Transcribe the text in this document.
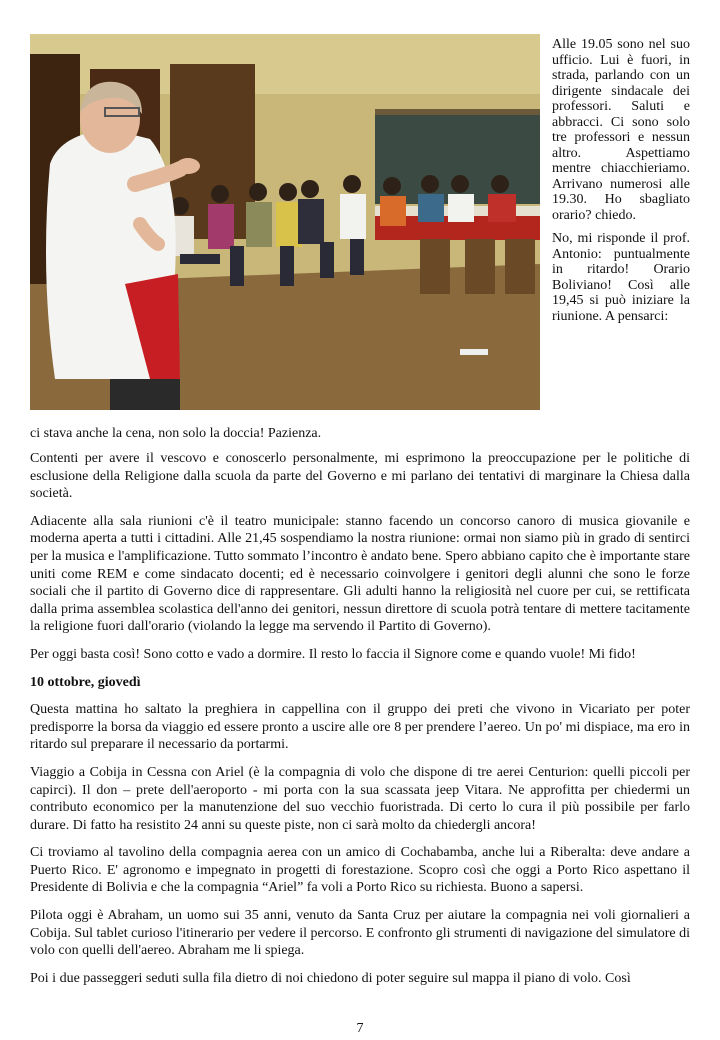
Alle 19.05 sono nel suo ufficio. Lui è fuori, in strada, parlando con un dirigente sindacale dei professori. Saluti e abbracci. Ci sono solo tre professori e nessun altro. Aspettiamo mentre chiacchieriamo. Arrivano numerosi alle 19.30. Ho sbagliato orario? chiedo.

No, mi risponde il prof. Antonio: puntualmente in ritardo! Orario Boliviano! Così alle 19,45 si può iniziare la riunione. A pensarci:

ci stava anche la cena, non solo la doccia! Pazienza.

Contenti per avere il vescovo e conoscerlo personalmente, mi esprimono la preoccupazione per le politiche di esclusione della Religione dalla scuola da parte del Governo e mi parlano dei tentativi di marginare la Chiesa dalla società.

Adiacente alla sala riunioni c'è il teatro municipale: stanno facendo un concorso canoro di musica giovanile e moderna aperta a tutti i cittadini. Alle 21,45 sospendiamo la nostra riunione: ormai non siamo più in grado di sentirci per la musica e l'amplificazione. Tutto sommato l’incontro è andato bene. Spero abbiano capito che è importante stare uniti come REM e come sindacato docenti; ed è necessario coinvolgere i genitori degli alunni che sono le forze sociali che il partito di Governo dice di rappresentare. Gli adulti hanno la religiosità nel cuore per cui, se rettificata dalla prima assemblea scolastica dell'anno dei genitori, nessun direttore di scuola potrà tentare di mettere tacitamente la religione fuori dall'orario (violando la legge ma servendo il Partito di Governo).

Per oggi basta così! Sono cotto e vado a dormire. Il resto lo faccia il Signore come e quando vuole! Mi fido!

10 ottobre, giovedì

Questa mattina ho saltato la preghiera in cappellina con il gruppo dei preti che vivono in Vicariato per poter predisporre la borsa da viaggio ed essere pronto a uscire alle ore 8 per prendere l’aereo. Un po' mi dispiace, ma ero in ritardo sul preparare il necessario da portarmi.

Viaggio a Cobija in Cessna con Ariel (è la compagnia di volo che dispone di tre aerei Centurion: quelli piccoli per capirci). Il don – prete dell'aeroporto - mi porta con la sua scassata jeep Vitara. Ne approfitta per chiedermi un contributo economico per la manutenzione del suo vecchio fuoristrada. Di certo lo cura il più possibile per farlo durare. Di fatto ha resistito 24 anni su queste piste, non ci sarà molto da chiedergli ancora!

Ci troviamo al tavolino della compagnia aerea con un amico di Cochabamba, anche lui a Riberalta: deve andare a Puerto Rico. E' agronomo e impegnato in progetti di forestazione. Scopro così che oggi a Porto Rico aspettano il Presidente di Bolivia e che la compagnia “Ariel” fa voli a Porto Rico su richiesta. Buono a sapersi.

Pilota oggi è Abraham, un uomo sui 35 anni, venuto da Santa Cruz per aiutare la compagnia nei voli giornalieri a Cobija. Sul tablet curioso l'itinerario per vedere il percorso. E confronto gli strumenti di navigazione del simulatore di volo con quelli dell'aereo. Abraham me li spiega.

Poi i due passeggeri seduti sulla fila dietro di noi chiedono di poter seguire sul mappa il piano di volo. Così

7
